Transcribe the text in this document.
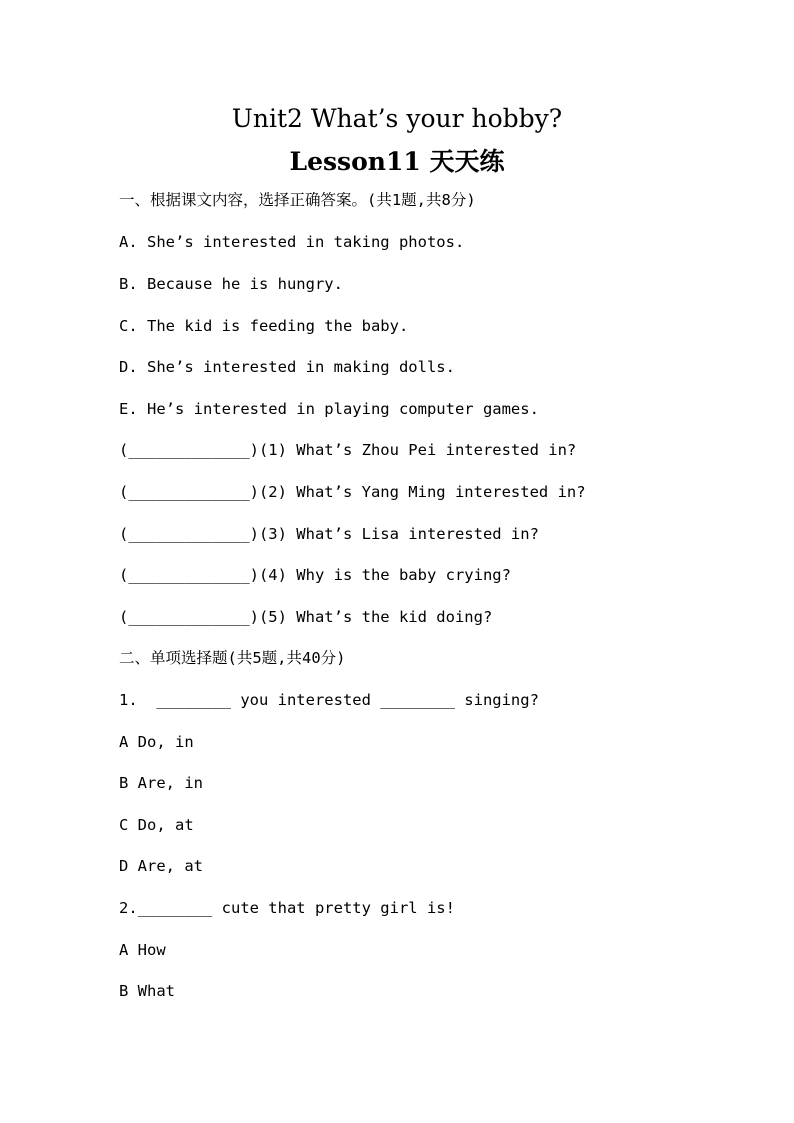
Unit2 What’s your hobby?
Lesson11 天天练
一、根据课文内容，选择正确答案。(共1题,共8分)
A. She’s interested in taking photos.
B. Because he is hungry.
C. The kid is feeding the baby.
D. She’s interested in making dolls.
E. He’s interested in playing computer games.
(_____________)(1) What’s Zhou Pei interested in?
(_____________)(2) What’s Yang Ming interested in?
(_____________)(3) What’s Lisa interested in?
(_____________)(4) Why is the baby crying?
(_____________)(5) What’s the kid doing?
二、单项选择题(共5题,共40分)
1.  ________ you interested ________ singing?
A Do, in
B Are, in
C Do, at
D Are, at
2.________ cute that pretty girl is!
A How
B What
